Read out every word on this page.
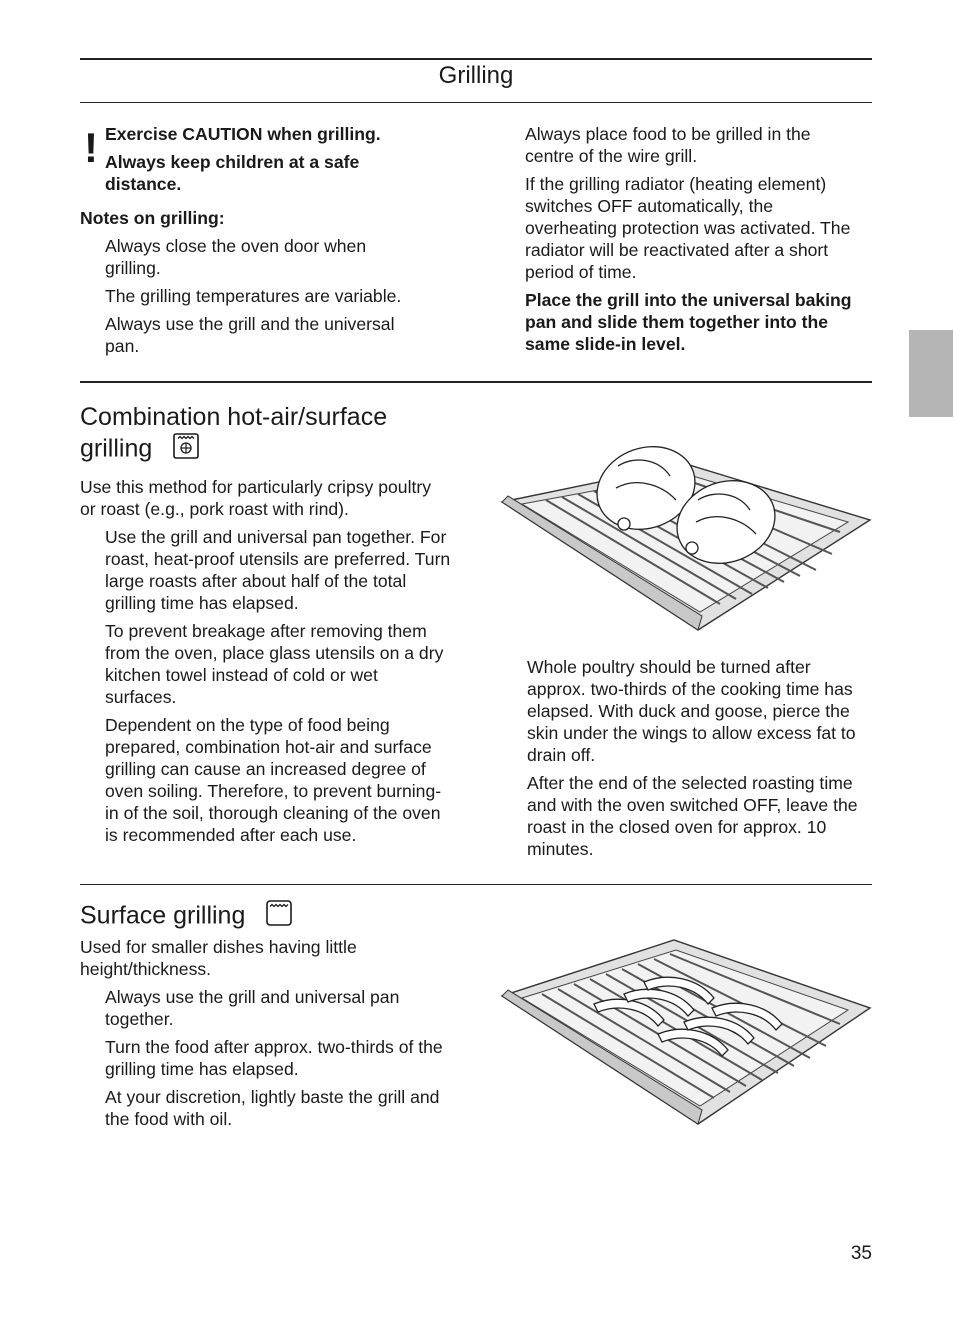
Grilling
! Exercise CAUTION when grilling.

Always keep children at a safe distance.

Notes on grilling:

Always close the oven door when grilling.

The grilling temperatures are variable.

Always use the grill and the universal pan.

Always place food to be grilled in the centre of the wire grill.

If the grilling radiator (heating element) switches OFF automatically, the overheating protection was activated. The radiator will be reactivated after a short period of time.

Place the grill into the universal baking pan and slide them together into the same slide-in level.

Combination hot-air/surface
grilling

Use this method for particularly cripsy poultry or roast (e.g., pork roast with rind).

Use the grill and universal pan together. For roast, heat-proof utensils are preferred. Turn large roasts after about half of the total grilling time has elapsed.

To prevent breakage after removing them from the oven, place glass utensils on a dry kitchen towel instead of cold or wet surfaces.

Dependent on the type of food being prepared, combination hot-air and surface grilling can cause an increased degree of oven soiling. Therefore, to prevent burning-in of the soil, thorough cleaning of the oven is recommended after each use.

Whole poultry should be turned after approx. two-thirds of the cooking time has elapsed. With duck and goose, pierce the skin under the wings to allow excess fat to drain off.

After the end of the selected roasting time and with the oven switched OFF, leave the roast in the closed oven for approx. 10 minutes.

Surface grilling

Used for smaller dishes having little height/thickness.

Always use the grill and universal pan together.

Turn the food after approx. two-thirds of the grilling time has elapsed.

At your discretion, lightly baste the grill and the food with oil.

35
